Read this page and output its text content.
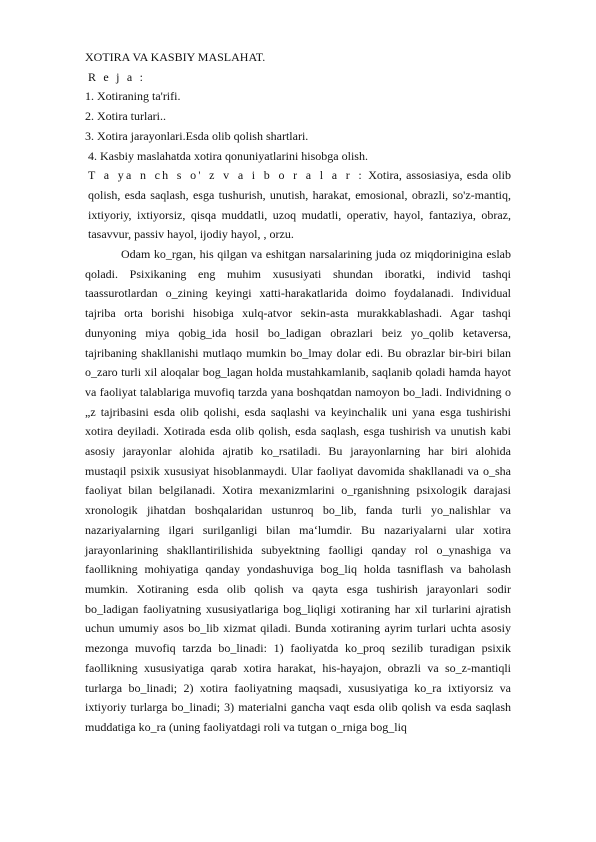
XOTIRA VA KASBIY MASLAHAT.
R e j a :
1. Xotiraning ta'rifi.
2. Xotira turlari..
3. Xotira jarayonlari.Esda olib qolish shartlari.
4. Kasbiy maslahatda xotira qonuniyatlarini hisobga olish.

T a ya n ch s o' z v a i b o r a l a r : Xotira, assosiasiya, esda olib qolish, esda saqlash, esga tushurish, unutish, harakat, emosional, obrazli, so'z-mantiq, ixtiyoriy, ixtiyorsiz, qisqa muddatli, uzoq mudatli, operativ, hayol, fantaziya, obraz, tasavvur, passiv hayol, ijodiy hayol, , orzu.

Odam ko_rgan, his qilgan va eshitgan narsalarining juda oz miqdorinigina eslab qoladi. Psixikaning eng muhim xususiyati shundan iboratki, individ tashqi taassurotlardan o_zining keyingi xatti-harakatlarida doimo foydalanadi. Individual tajriba orta borishi hisobiga xulq-atvor sekin-asta murakkablashadi. Agar tashqi dunyoning miya qobig_ida hosil bo_ladigan obrazlari beiz yo_qolib ketaversa, tajribaning shakllanishi mutlaqo mumkin bo_lmay dolar edi. Bu obrazlar bir-biri bilan o_zaro turli xil aloqalar bog_lagan holda mustahkamlanib, saqlanib qoladi hamda hayot va faoliyat talablariga muvofiq tarzda yana boshqatdan namoyon bo_ladi. Individning o „z tajribasini esda olib qolishi, esda saqlashi va keyinchalik uni yana esga tushirishi xotira deyiladi. Xotirada esda olib qolish, esda saqlash, esga tushirish va unutish kabi asosiy jarayonlar alohida ajratib ko_rsatiladi. Bu jarayonlarning har biri alohida mustaqil psixik xususiyat hisoblanmaydi. Ular faoliyat davomida shakllanadi va o_sha faoliyat bilan belgilanadi. Xotira mexanizmlarini o_rganishning psixologik darajasi xronologik jihatdan boshqalaridan ustunroq bo_lib, fanda turli yo_nalishlar va nazariyalarning ilgari surilganligi bilan ma‘lumdir. Bu nazariyalarni ular xotira jarayonlarining shakllantirilishida subyektning faolligi qanday rol o_ynashiga va faollikning mohiyatiga qanday yondashuviga bog_liq holda tasniflash va baholash mumkin. Xotiraning esda olib qolish va qayta esga tushirish jarayonlari sodir bo_ladigan faoliyatning xususiyatlariga bog_liqligi xotiraning har xil turlarini ajratish uchun umumiy asos bo_lib xizmat qiladi. Bunda xotiraning ayrim turlari uchta asosiy mezonga muvofiq tarzda bo_linadi: 1) faoliyatda ko_proq sezilib turadigan psixik faollikning xususiyatiga qarab xotira harakat, his-hayajon, obrazli va so_z-mantiqli turlarga bo_linadi; 2) xotira faoliyatning maqsadi, xususiyatiga ko_ra ixtiyorsiz va ixtiyoriy turlarga bo_linadi; 3) materialni gancha vaqt esda olib qolish va esda saqlash muddatiga ko_ra (uning faoliyatdagi roli va tutgan o_rniga bog_liq
